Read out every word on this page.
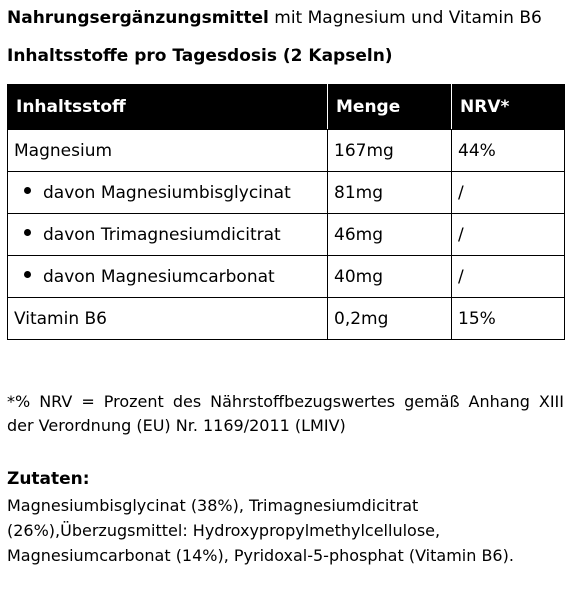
Nahrungsergänzungsmittel mit Magnesium und Vitamin B6
Inhaltsstoffe pro Tagesdosis (2 Kapseln)
Inhaltsstoff	Menge	NRV*
Magnesium	167mg	44%
davon Magnesiumbisglycinat	81mg	/
davon Trimagnesiumdicitrat	46mg	/
davon Magnesiumcarbonat	40mg	/
Vitamin B6	0,2mg	15%
*% NRV = Prozent des Nährstoffbezugswertes gemäß Anhang XIII der Verordnung (EU) Nr. 1169/2011 (LMIV)
Zutaten:
Magnesiumbisglycinat (38%), Trimagnesiumdicitrat (26%),Überzugsmittel: Hydroxypropylmethylcellulose, Magnesiumcarbonat (14%), Pyridoxal-5-phosphat (Vitamin B6).
